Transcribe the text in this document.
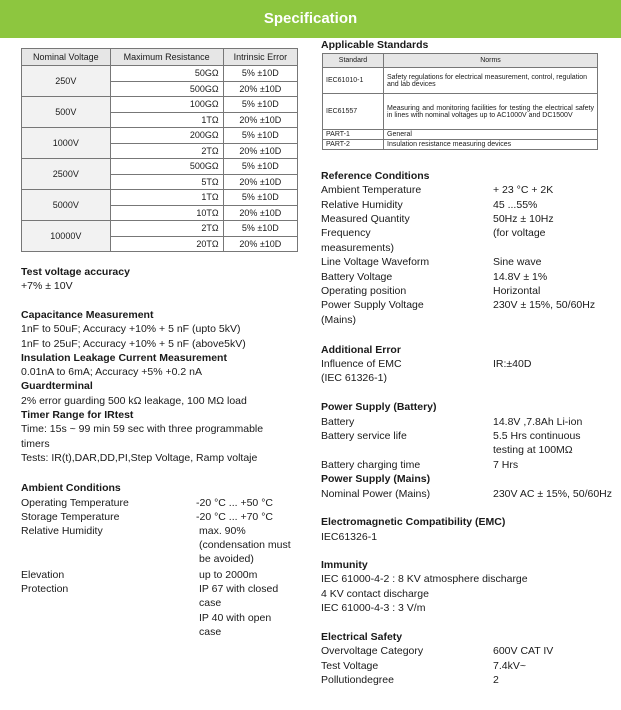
Specification
Nominal Voltage	Maximum Resistance	Intrinsic Error
250V	50GΩ	5% ±10D
	500GΩ	20% ±10D
500V	100GΩ	5% ±10D
	1TΩ	20% ±10D
1000V	200GΩ	5% ±10D
	2TΩ	20% ±10D
2500V	500GΩ	5% ±10D
	5TΩ	20% ±10D
5000V	1TΩ	5% ±10D
	10TΩ	20% ±10D
10000V	2TΩ	5% ±10D
	20TΩ	20% ±10D
Applicable Standards
Standard	Norms
IEC61010-1	Safety regulations for electrical measurement, control, regulation and lab devices
IEC61557	Measuring and monitoring facilities for testing the electrical safety in lines with nominal voltages up to AC1000V and DC1500V
PART-1	General
PART-2	Insulation resistance measuring devices
Test voltage accuracy
+7% ± 10V
Capacitance Measurement
1nF to 50uF; Accuracy +10% + 5 nF (upto 5kV)
1nF to 25uF; Accuracy +10% + 5 nF (above5kV)
Insulation Leakage Current Measurement
0.01nA to 6mA; Accuracy +5% +0.2 nA
Guardterminal
2% error guarding 500 kΩ leakage, 100 MΩ load
Timer Range for IRtest
Time: 15s ~ 99 min 59 sec with three programmable
timers
Tests: IR(t),DAR,DD,PI,Step Voltage, Ramp voltaje
Ambient Conditions
Operating Temperature	-20 °C ... +50 °C
Storage Temperature	-20 °C ... +70 °C
Relative Humidity	max. 90%
(condensation must
be avoided)
Elevation	up to 2000m
Protection	IP 67 with closed
case
IP 40 with open
case
Reference Conditions
Ambient Temperature	+ 23 °C + 2K
Relative Humidity	45 ...55%
Measured Quantity	50Hz ± 10Hz
Frequency	(for voltage
measurements)
Line Voltage Waveform	Sine wave
Battery Voltage	14.8V ± 1%
Operating position	Horizontal
Power Supply Voltage	230V ± 15%, 50/60Hz
(Mains)
Additional Error
Influence of EMC	IR:±40D
(IEC 61326-1)
Power Supply (Battery)
Battery	14.8V ,7.8Ah Li-ion
Battery service life	5.5 Hrs continuous
testing at 100MΩ
Battery charging time	7 Hrs
Power Supply (Mains)
Nominal Power (Mains)	230V AC ± 15%, 50/60Hz
Electromagnetic Compatibility (EMC)
IEC61326-1
Immunity
IEC 61000-4-2 : 8 KV atmosphere discharge
4 KV contact discharge
IEC 61000-4-3 : 3 V/m
Electrical Safety
Overvoltage Category	600V CAT IV
Test Voltage	7.4kV~
Pollutiondegree	2
